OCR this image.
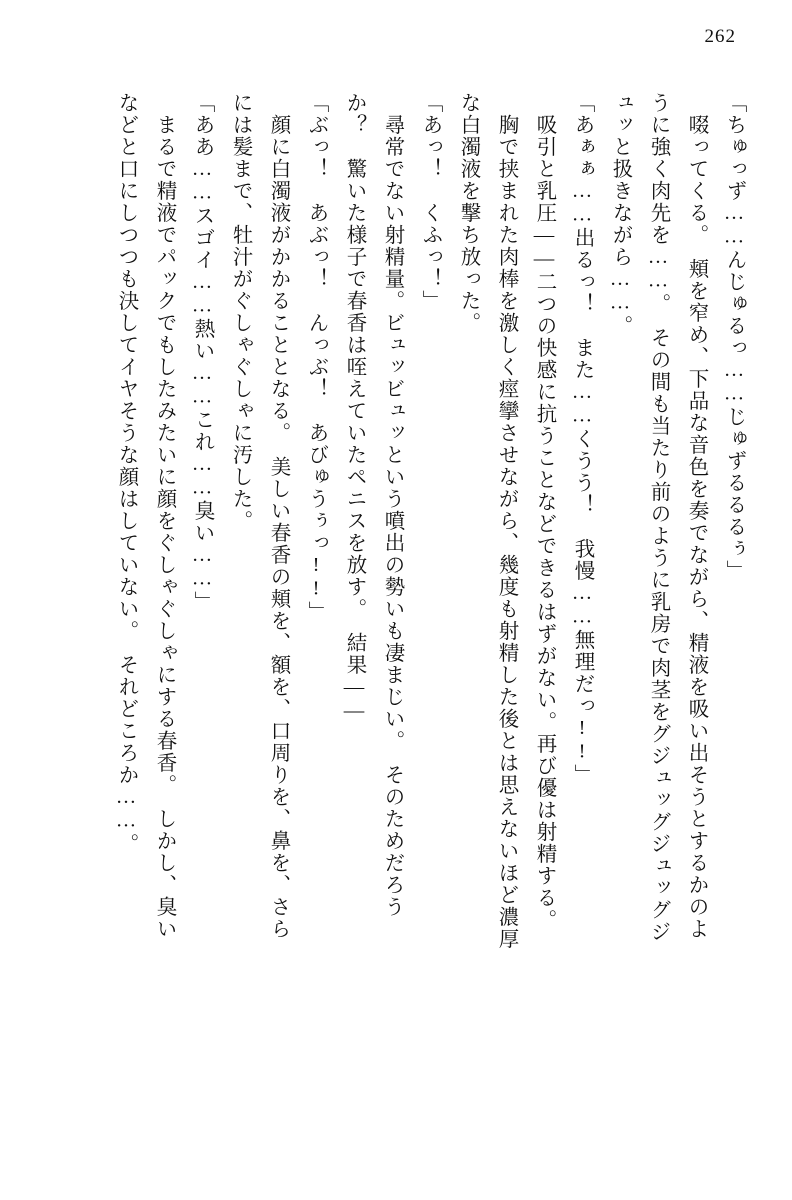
262
「ちゅっず……んじゅるっ……じゅずるるるぅ」
　啜ってくる。　頬を窄め、下品な音色を奏でながら、精液を吸い出そうとするかのよ
うに強く肉先を……。　その間も当たり前のように乳房で肉茎をグジュッグジュッグジ
ュッと扱きながら……。
「あぁぁ……出るっ！　また……くうう！　我慢……無理だっ!!」
　吸引と乳圧——二つの快感に抗うことなどできるはずがない。再び優は射精する。
　胸で挟まれた肉棒を激しく痙攣させながら、幾度も射精した後とは思えないほど濃厚
な白濁液を撃ち放った。
「あっ！　くふっ！」
　尋常でない射精量。ビュッビュッという噴出の勢いも凄まじい。　そのためだろう
か？　驚いた様子で春香は咥えていたペニスを放す。　結果——
「ぶっ！　あぶっ！　んっぶ！　あびゅうぅっ!!」
　顔に白濁液がかかることとなる。　美しい春香の頬を、額を、口周りを、鼻を、さら
には髪まで、牡汁がぐしゃぐしゃに汚した。
「ああ……スゴイ……熱い……これ……臭い……」
　まるで精液でパックでもしたみたいに顔をぐしゃぐしゃにする春香。　しかし、臭い
などと口にしつつも決してイヤそうな顔はしていない。　それどころか……。
